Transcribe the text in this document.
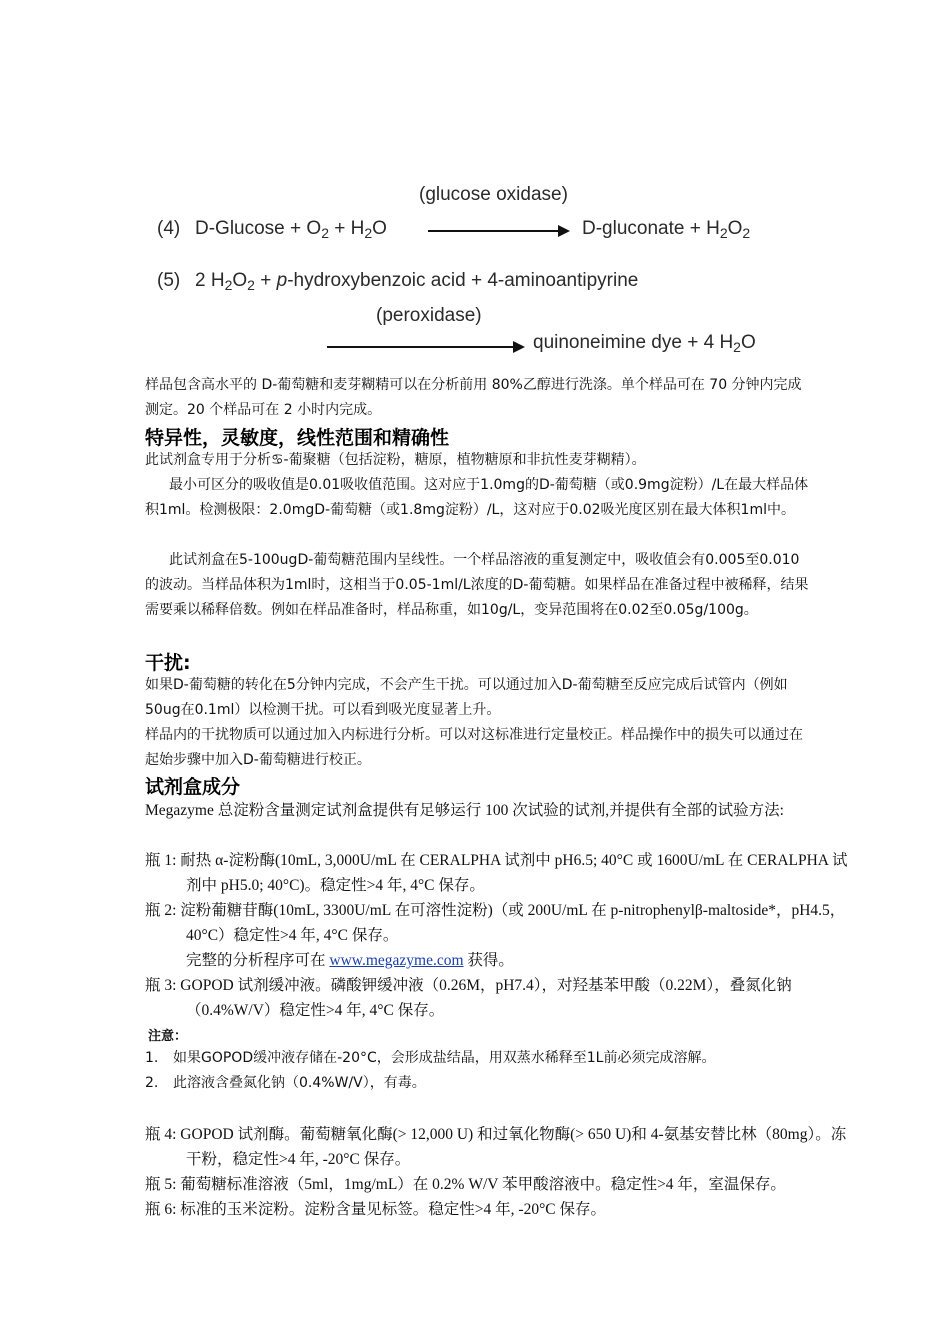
(glucose oxidase)
(4) $D-Glucose + O_2 + H_2O$	D-gluconate + $H_2O_2$
(5) 2 $H_2O_2$ + p-hydroxybenzoic acid + 4-aminoantipyrine
(peroxidase)
quinoneimine dye + 4 $H_2O$
样品包含高水平的 D-葡萄糖和麦芽糊精可以在分析前用 80%乙醇进行洗涤。单个样品可在 70 分钟内完成测定。20 个样品可在 2 小时内完成。
特异性，灵敏度，线性范围和精确性
此试剂盒专用于分析♋-葡聚糖（包括淀粉，糖原，植物糖原和非抗性麦芽糊精）。
最小可区分的吸收值是0.01吸收值范围。这对应于1.0mg的D-葡萄糖（或0.9mg淀粉）/L在最大样品体积1ml。检测极限：2.0mgD-葡萄糖（或1.8mg淀粉）/L，这对应于0.02吸光度区别在最大体积1ml中。
此试剂盒在5-100ugD-葡萄糖范围内呈线性。一个样品溶液的重复测定中，吸收值会有0.005至0.010的波动。当样品体积为1ml时，这相当于0.05-1ml/L浓度的D-葡萄糖。如果样品在准备过程中被稀释，结果需要乘以稀释倍数。例如在样品准备时，样品称重，如10g/L，变异范围将在0.02至0.05g/100g。
干扰:
如果D-葡萄糖的转化在5分钟内完成，不会产生干扰。可以通过加入D-葡萄糖至反应完成后试管内（例如50ug在0.1ml）以检测干扰。可以看到吸光度显著上升。
样品内的干扰物质可以通过加入内标进行分析。可以对这标准进行定量校正。样品操作中的损失可以通过在起始步骤中加入D-葡萄糖进行校正。
试剂盒成分
Megazyme 总淀粉含量测定试剂盒提供有足够运行 100 次试验的试剂,并提供有全部的试验方法:
瓶 1: 耐热 α-淀粉酶(10mL, 3,000U/mL 在 CERALPHA 试剂中 pH6.5; 40°C 或 1600U/mL 在 CERALPHA 试剂中 pH5.0; 40°C)。稳定性>4 年, 4°C 保存。
瓶 2: 淀粉葡糖苷酶(10mL, 3300U/mL 在可溶性淀粉)（或 200U/mL 在 p-nitrophenylβ-maltoside*，pH4.5，40°C）稳定性>4 年, 4°C 保存。
完整的分析程序可在 www.megazyme.com 获得。
瓶 3: GOPOD 试剂缓冲液。磷酸钾缓冲液（0.26M，pH7.4），对羟基苯甲酸（0.22M），叠氮化钠（0.4%W/V）稳定性>4 年, 4°C 保存。
注意：
1. 如果GOPOD缓冲液存储在-20°C，会形成盐结晶，用双蒸水稀释至1L前必须完成溶解。
2. 此溶液含叠氮化钠（0.4%W/V），有毒。
瓶 4: GOPOD 试剂酶。葡萄糖氧化酶(> 12,000 U) 和过氧化物酶(> 650 U)和 4-氨基安替比林（80mg）。冻干粉，稳定性>4 年, -20°C 保存。
瓶 5: 葡萄糖标准溶液（5ml，1mg/mL）在 0.2% W/V 苯甲酸溶液中。稳定性>4 年，室温保存。
瓶 6: 标准的玉米淀粉。淀粉含量见标签。稳定性>4 年, -20°C 保存。
